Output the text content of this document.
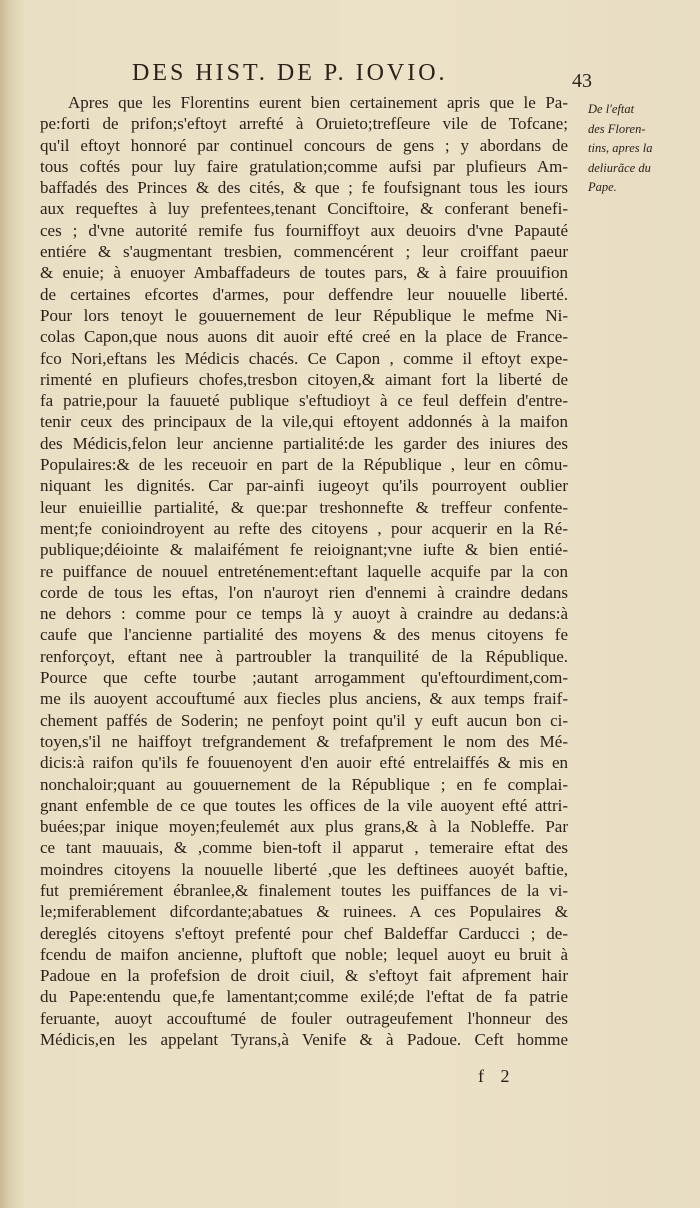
DES HIST. DE P. IOVIO.	43
Apres que les Florentins eurent bien certainement apris que le Pa-
pe:forti de prifon;s'eftoyt arrefté à Oruieto;trefſeure vile de Tofcane;
qu'il eftoyt honnoré par continuel concours de gens ; y abordans de
tous coftés pour luy faire gratulation;comme aufsi par plufieurs Am-
baffadés des Princes & des cités, & que ; fe foufsignant tous les iours
aux requeftes à luy prefentees,tenant Conciftoire, & conferant benefi-
ces ; d'vne autorité remife fus fourniffoyt aux deuoirs d'vne Papauté
entiére & s'augmentant tresbien, commencérent ; leur croiffant paeur
& enuie; à enuoyer Ambaffadeurs de toutes pars, & à faire prouuifion
de certaines efcortes d'armes, pour deffendre leur nouuelle liberté.
Pour lors tenoyt le gouuernement de leur République le mefme Ni-
colas Capon,que nous auons dit auoir efté creé en la place de France-
fco Nori,eftans les Médicis chacés. Ce Capon , comme il eftoyt expe-
rimenté en plufieurs chofes,tresbon citoyen,& aimant fort la liberté de
fa patrie,pour la fauueté publique s'eftudioyt à ce feul deffein d'entre-
tenir ceux des principaux de la vile,qui eftoyent addonnés à la maifon
des Médicis,felon leur ancienne partialité:de les garder des iniures des
Populaires:& de les receuoir en part de la République , leur en cômu-
niquant les dignités. Car par-ainfi iugeoyt qu'ils pourroyent oublier
leur enuieillie partialité, & que:par treshonnefte & treffeur confente-
ment;fe conioindroyent au refte des citoyens , pour acquerir en la Ré-
publique;déiointe & malaifément fe reioignant;vne iufte & bien entié-
re puiffance de nouuel entreténement:eftant laquelle acquife par la con
corde de tous les eftas, l'on n'auroyt rien d'ennemi à craindre dedans
ne dehors : comme pour ce temps là y auoyt à craindre au dedans:à
caufe que l'ancienne partialité des moyens & des menus citoyens fe
renforçoyt, eftant nee à partroubler la tranquilité de la République.
Pource que cefte tourbe ;autant arrogamment qu'eftourdiment,com-
me ils auoyent accouftumé aux fiecles plus anciens, & aux temps fraif-
chement paffés de Soderin; ne penfoyt point qu'il y euft aucun bon ci-
toyen,s'il ne haiffoyt trefgrandement & trefafprement le nom des Mé-
dicis:à raifon qu'ils fe fouuenoyent d'en auoir efté entrelaiffés & mis en
nonchaloir;quant au gouuernement de la République ; en fe complai-
gnant enfemble de ce que toutes les offices de la vile auoyent efté attri-
buées;par inique moyen;feulemét aux plus grans,& à la Nobleffe. Par
ce tant mauuais, & ,comme bien-toft il apparut , temeraire eftat des
moindres citoyens la nouuelle liberté ,que les deftinees auoyét baftie,
fut premiérement ébranlee,& finalement toutes les puiffances de la vi-
le;miferablement difcordante;abatues & ruinees. A ces Populaires &
dereglés citoyens s'eftoyt prefenté pour chef Baldeffar Carducci ; de-
fcendu de maifon ancienne, pluftoft que noble; lequel auoyt eu bruit à
Padoue en la profefsion de droit ciuil, & s'eftoyt fait afprement hair
du Pape:entendu que,fe lamentant;comme exilé;de l'eftat de fa patrie
feruante, auoyt accouftumé de fouler outrageufement l'honneur des
Médicis,en les appelant Tyrans,à Venife & à Padoue. Ceft homme
De l'eftat
des Floren-
tins, apres la
deliurãce du
Pape.
f 2
